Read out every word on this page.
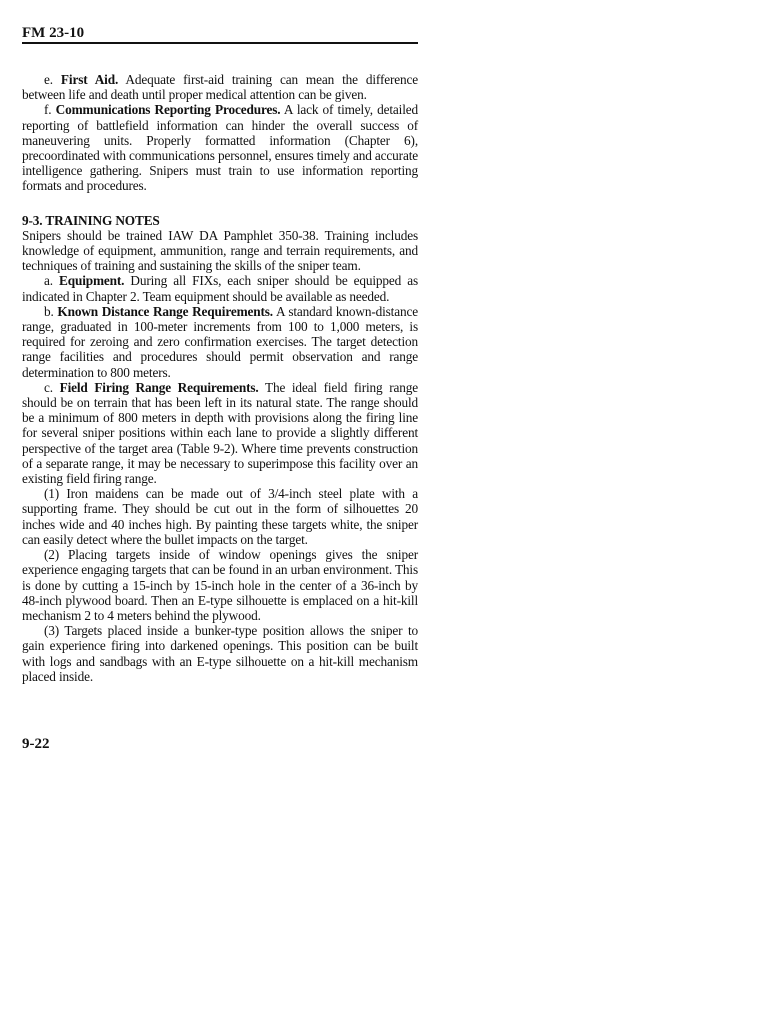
FM 23-10

e. First Aid. Adequate first-aid training can mean the difference between life and death until proper medical attention can be given.

f. Communications Reporting Procedures. A lack of timely, detailed reporting of battlefield information can hinder the overall success of maneuvering units. Properly formatted information (Chapter 6), precoordinated with communications personnel, ensures timely and accurate intelligence gathering. Snipers must train to use information reporting formats and procedures.

9-3. TRAINING NOTES

Snipers should be trained IAW DA Pamphlet 350-38. Training includes knowledge of equipment, ammunition, range and terrain requirements, and techniques of training and sustaining the skills of the sniper team.

a. Equipment. During all FIXs, each sniper should be equipped as indicated in Chapter 2. Team equipment should be available as needed.

b. Known Distance Range Requirements. A standard known-distance range, graduated in 100-meter increments from 100 to 1,000 meters, is required for zeroing and zero confirmation exercises. The target detection range facilities and procedures should permit observation and range determination to 800 meters.

c. Field Firing Range Requirements. The ideal field firing range should be on terrain that has been left in its natural state. The range should be a minimum of 800 meters in depth with provisions along the firing line for several sniper positions within each lane to provide a slightly different perspective of the target area (Table 9-2). Where time prevents construction of a separate range, it may be necessary to superimpose this facility over an existing field firing range.

(1) Iron maidens can be made out of 3/4-inch steel plate with a supporting frame. They should be cut out in the form of silhouettes 20 inches wide and 40 inches high. By painting these targets white, the sniper can easily detect where the bullet impacts on the target.

(2) Placing targets inside of window openings gives the sniper experience engaging targets that can be found in an urban environment. This is done by cutting a 15-inch by 15-inch hole in the center of a 36-inch by 48-inch plywood board. Then an E-type silhouette is emplaced on a hit-kill mechanism 2 to 4 meters behind the plywood.

(3) Targets placed inside a bunker-type position allows the sniper to gain experience firing into darkened openings. This position can be built with logs and sandbags with an E-type silhouette on a hit-kill mechanism placed inside.

9-22
